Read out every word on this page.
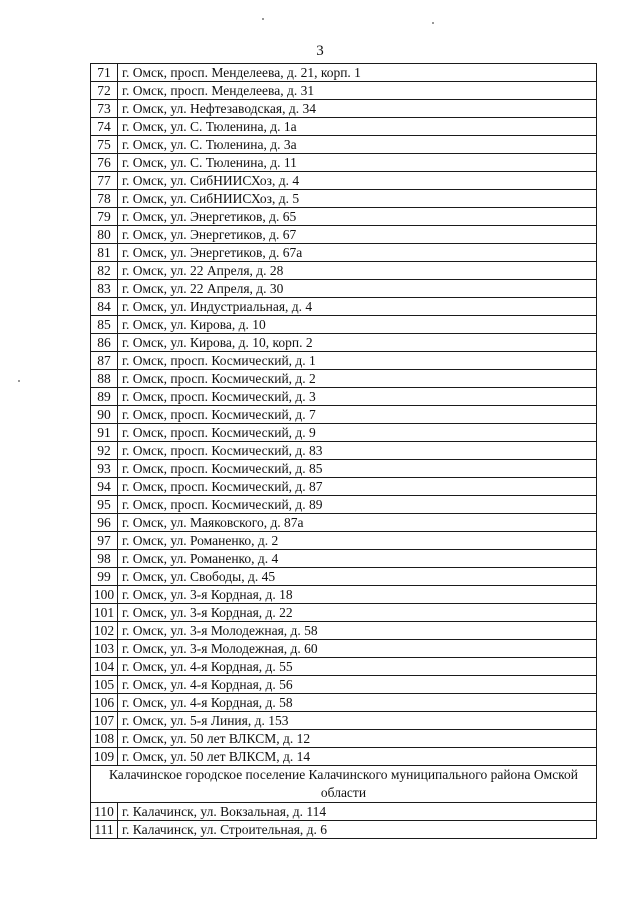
3
71	г. Омск, просп. Менделеева, д. 21, корп. 1
72	г. Омск, просп. Менделеева, д. 31
73	г. Омск, ул. Нефтезаводская, д. 34
74	г. Омск, ул. С. Тюленина, д. 1а
75	г. Омск, ул. С. Тюленина, д. 3а
76	г. Омск, ул. С. Тюленина, д. 11
77	г. Омск, ул. СибНИИСХоз, д. 4
78	г. Омск, ул. СибНИИСХоз, д. 5
79	г. Омск, ул. Энергетиков, д. 65
80	г. Омск, ул. Энергетиков, д. 67
81	г. Омск, ул. Энергетиков, д. 67а
82	г. Омск, ул. 22 Апреля, д. 28
83	г. Омск, ул. 22 Апреля, д. 30
84	г. Омск, ул. Индустриальная, д. 4
85	г. Омск, ул. Кирова, д. 10
86	г. Омск, ул. Кирова, д. 10, корп. 2
87	г. Омск, просп. Космический, д. 1
88	г. Омск, просп. Космический, д. 2
89	г. Омск, просп. Космический, д. 3
90	г. Омск, просп. Космический, д. 7
91	г. Омск, просп. Космический, д. 9
92	г. Омск, просп. Космический, д. 83
93	г. Омск, просп. Космический, д. 85
94	г. Омск, просп. Космический, д. 87
95	г. Омск, просп. Космический, д. 89
96	г. Омск, ул. Маяковского, д. 87а
97	г. Омск, ул. Романенко, д. 2
98	г. Омск, ул. Романенко, д. 4
99	г. Омск, ул. Свободы, д. 45
100	г. Омск, ул. 3-я Кордная, д. 18
101	г. Омск, ул. 3-я Кордная, д. 22
102	г. Омск, ул. 3-я Молодежная, д. 58
103	г. Омск, ул. 3-я Молодежная, д. 60
104	г. Омск, ул. 4-я Кордная, д. 55
105	г. Омск, ул. 4-я Кордная, д. 56
106	г. Омск, ул. 4-я Кордная, д. 58
107	г. Омск, ул. 5-я Линия, д. 153
108	г. Омск, ул. 50 лет ВЛКСМ, д. 12
109	г. Омск, ул. 50 лет ВЛКСМ, д. 14
Калачинское городское поселение Калачинского муниципального района Омской области	
110	г. Калачинск, ул. Вокзальная, д. 114
111	г. Калачинск, ул. Строительная, д. 6
